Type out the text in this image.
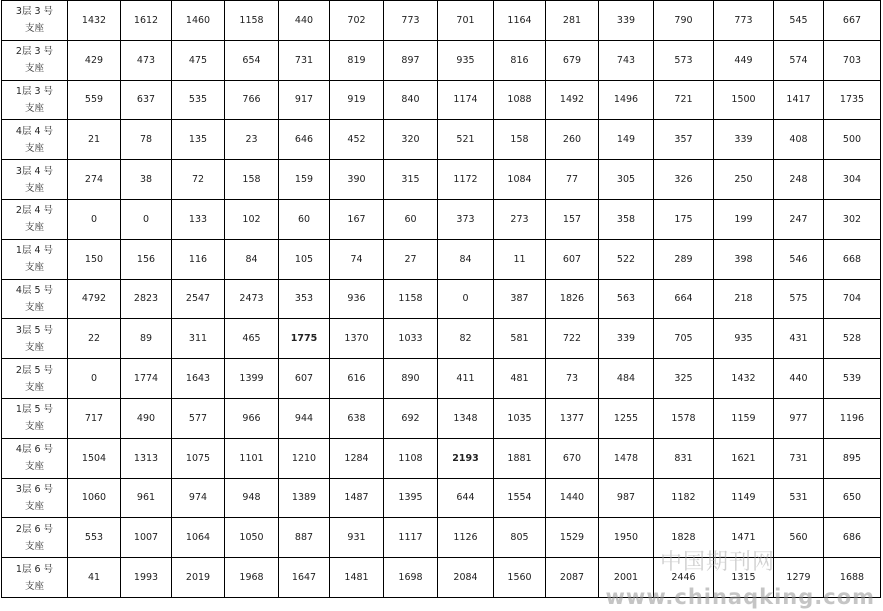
3层 3 号
支座	1432	1612	1460	1158	440	702	773	701	1164	281	339	790	773	545	667

2层 3 号
支座	429	473	475	654	731	819	897	935	816	679	743	573	449	574	703

1层 3 号
支座	559	637	535	766	917	919	840	1174	1088	1492	1496	721	1500	1417	1735

4层 4 号
支座	21	78	135	23	646	452	320	521	158	260	149	357	339	408	500

3层 4 号
支座	274	38	72	158	159	390	315	1172	1084	77	305	326	250	248	304

2层 4 号
支座	0	0	133	102	60	167	60	373	273	157	358	175	199	247	302

1层 4 号
支座	150	156	116	84	105	74	27	84	11	607	522	289	398	546	668

4层 5 号
支座	4792	2823	2547	2473	353	936	1158	0	387	1826	563	664	218	575	704

3层 5 号
支座	22	89	311	465	1775	1370	1033	82	581	722	339	705	935	431	528

2层 5 号
支座	0	1774	1643	1399	607	616	890	411	481	73	484	325	1432	440	539

1层 5 号
支座	717	490	577	966	944	638	692	1348	1035	1377	1255	1578	1159	977	1196

4层 6 号
支座	1504	1313	1075	1101	1210	1284	1108	2193	1881	670	1478	831	1621	731	895

3层 6 号
支座	1060	961	974	948	1389	1487	1395	644	1554	1440	987	1182	1149	531	650

2层 6 号
支座	553	1007	1064	1050	887	931	1117	1126	805	1529	1950	1828	1471	560	686

1层 6 号
支座	41	1993	2019	1968	1647	1481	1698	2084	1560	2087	2001	2446	1315	1279	1688
中国期刊网
www.chinaqking.com
